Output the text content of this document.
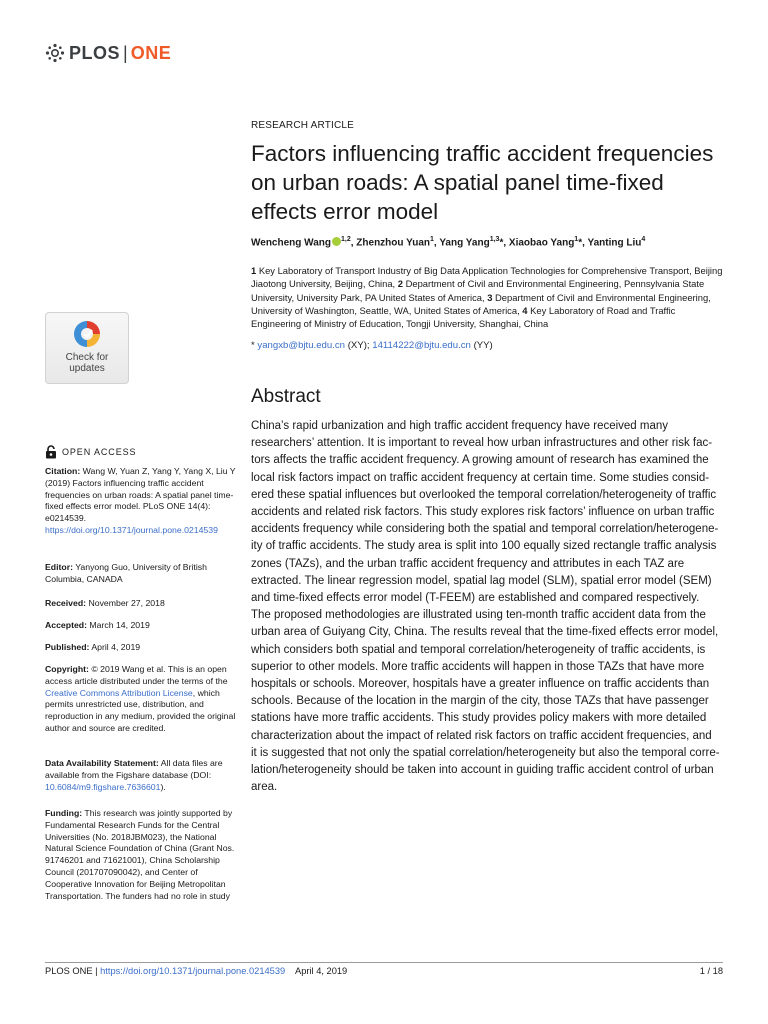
PLOS | ONE
RESEARCH ARTICLE
Factors influencing traffic accident frequencies on urban roads: A spatial panel time-fixed effects error model
Wencheng Wang $^{1,2}$, Zhenzhou Yuan$^1$, Yang Yang$^{1,3}$*, Xiaobao Yang$^1$*, Yanting Liu$^4$
1 Key Laboratory of Transport Industry of Big Data Application Technologies for Comprehensive Transport, Beijing Jiaotong University, Beijing, China, 2 Department of Civil and Environmental Engineering, Pennsylvania State University, University Park, PA United States of America, 3 Department of Civil and Environmental Engineering, University of Washington, Seattle, WA, United States of America, 4 Key Laboratory of Road and Traffic Engineering of Ministry of Education, Tongji University, Shanghai, China
* yangxb@bjtu.edu.cn (XY); 14114222@bjtu.edu.cn (YY)
Abstract
China’s rapid urbanization and high traffic accident frequency have received many
researchers’ attention. It is important to reveal how urban infrastructures and other risk fac-
tors affects the traffic accident frequency. A growing amount of research has examined the
local risk factors impact on traffic accident frequency at certain time. Some studies consid-
ered these spatial influences but overlooked the temporal correlation/heterogeneity of traffic
accidents and related risk factors. This study explores risk factors’ influence on urban traffic
accidents frequency while considering both the spatial and temporal correlation/heterogene-
ity of traffic accidents. The study area is split into 100 equally sized rectangle traffic analysis
zones (TAZs), and the urban traffic accident frequency and attributes in each TAZ are
extracted. The linear regression model, spatial lag model (SLM), spatial error model (SEM)
and time-fixed effects error model (T-FEEM) are established and compared respectively.
The proposed methodologies are illustrated using ten-month traffic accident data from the
urban area of Guiyang City, China. The results reveal that the time-fixed effects error model,
which considers both spatial and temporal correlation/heterogeneity of traffic accidents, is
superior to other models. More traffic accidents will happen in those TAZs that have more
hospitals or schools. Moreover, hospitals have a greater influence on traffic accidents than
schools. Because of the location in the margin of the city, those TAZs that have passenger
stations have more traffic accidents. This study provides policy makers with more detailed
characterization about the impact of related risk factors on traffic accident frequencies, and
it is suggested that not only the spatial correlation/heterogeneity but also the temporal corre-
lation/heterogeneity should be taken into account in guiding traffic accident control of urban
area.
Check for
updates
OPEN ACCESS
Citation: Wang W, Yuan Z, Yang Y, Yang X, Liu Y (2019) Factors influencing traffic accident frequencies on urban roads: A spatial panel time-fixed effects error model. PLoS ONE 14(4): e0214539. https://doi.org/10.1371/journal.pone.0214539
Editor: Yanyong Guo, University of British Columbia, CANADA
Received: November 27, 2018
Accepted: March 14, 2019
Published: April 4, 2019
Copyright: © 2019 Wang et al. This is an open access article distributed under the terms of the Creative Commons Attribution License, which permits unrestricted use, distribution, and reproduction in any medium, provided the original author and source are credited.
Data Availability Statement: All data files are available from the Figshare database (DOI: 10.6084/m9.figshare.7636601).
Funding: This research was jointly supported by Fundamental Research Funds for the Central Universities (No. 2018JBM023), the National Natural Science Foundation of China (Grant Nos. 91746201 and 71621001), China Scholarship Council (201707090042), and Center of Cooperative Innovation for Beijing Metropolitan Transportation. The funders had no role in study
PLOS ONE | https://doi.org/10.1371/journal.pone.0214539 April 4, 2019	1 / 18
